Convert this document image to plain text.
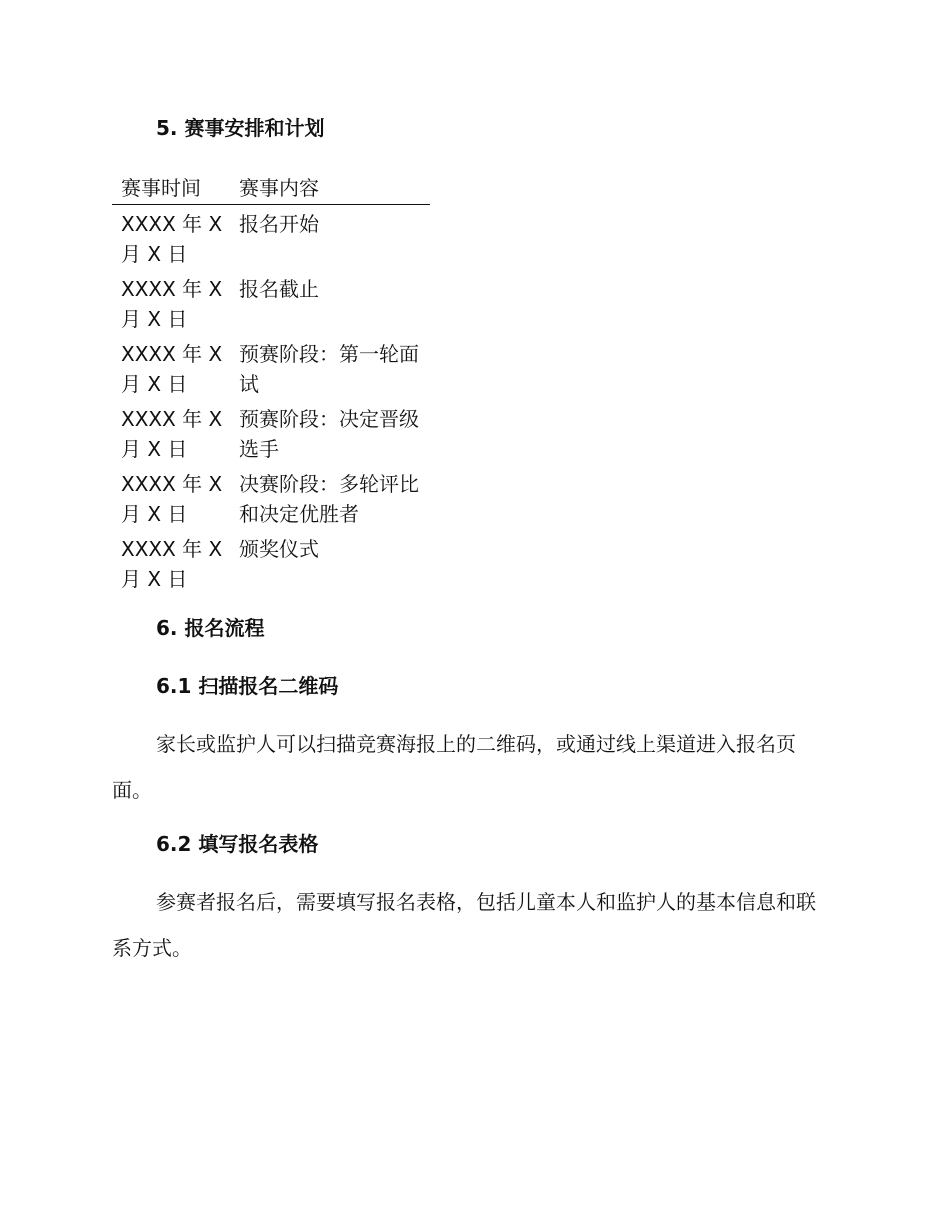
5. 赛事安排和计划
赛事时间	赛事内容
XXXX 年 X 月 X 日	报名开始
XXXX 年 X 月 X 日	报名截止
XXXX 年 X 月 X 日	预赛阶段：第一轮面试
XXXX 年 X 月 X 日	预赛阶段：决定晋级选手
XXXX 年 X 月 X 日	决赛阶段：多轮评比和决定优胜者
XXXX 年 X 月 X 日	颁奖仪式
6. 报名流程
6.1 扫描报名二维码

家长或监护人可以扫描竞赛海报上的二维码，或通过线上渠道进入报名页面。

6.2 填写报名表格

参赛者报名后，需要填写报名表格，包括儿童本人和监护人的基本信息和联系方式。
